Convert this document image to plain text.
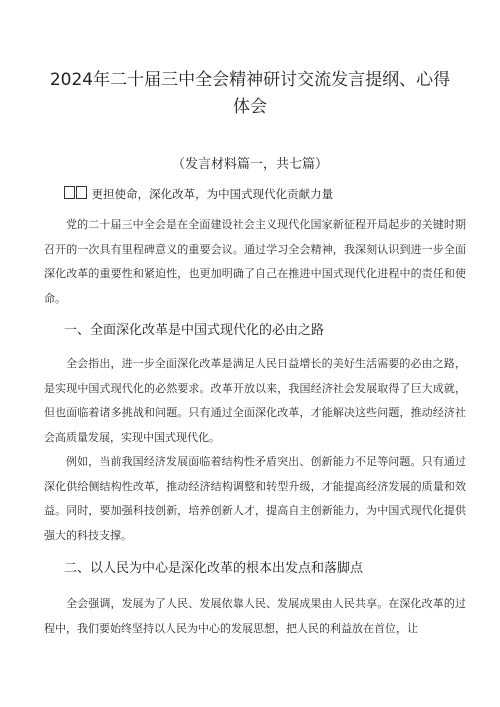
2024年二十届三中全会精神研讨交流发言提纲、心得
体会
（发言材料篇一，共七篇）
更担使命，深化改革，为中国式现代化贡献力量

党的二十届三中全会是在全面建设社会主义现代化国家新征程开局起步的关键时期召开的一次具有里程碑意义的重要会议。通过学习全会精神，我深刻认识到进一步全面深化改革的重要性和紧迫性，也更加明确了自己在推进中国式现代化进程中的责任和使命。

一、全面深化改革是中国式现代化的必由之路

全会指出，进一步全面深化改革是满足人民日益增长的美好生活需要的必由之路，是实现中国式现代化的必然要求。改革开放以来，我国经济社会发展取得了巨大成就，但也面临着诸多挑战和问题。只有通过全面深化改革，才能解决这些问题，推动经济社会高质量发展，实现中国式现代化。

例如，当前我国经济发展面临着结构性矛盾突出、创新能力不足等问题。只有通过深化供给侧结构性改革，推动经济结构调整和转型升级，才能提高经济发展的质量和效益。同时，要加强科技创新，培养创新人才，提高自主创新能力，为中国式现代化提供强大的科技支撑。

二、以人民为中心是深化改革的根本出发点和落脚点

全会强调，发展为了人民、发展依靠人民、发展成果由人民共享。在深化改革的过程中，我们要始终坚持以人民为中心的发展思想，把人民的利益放在首位，让
